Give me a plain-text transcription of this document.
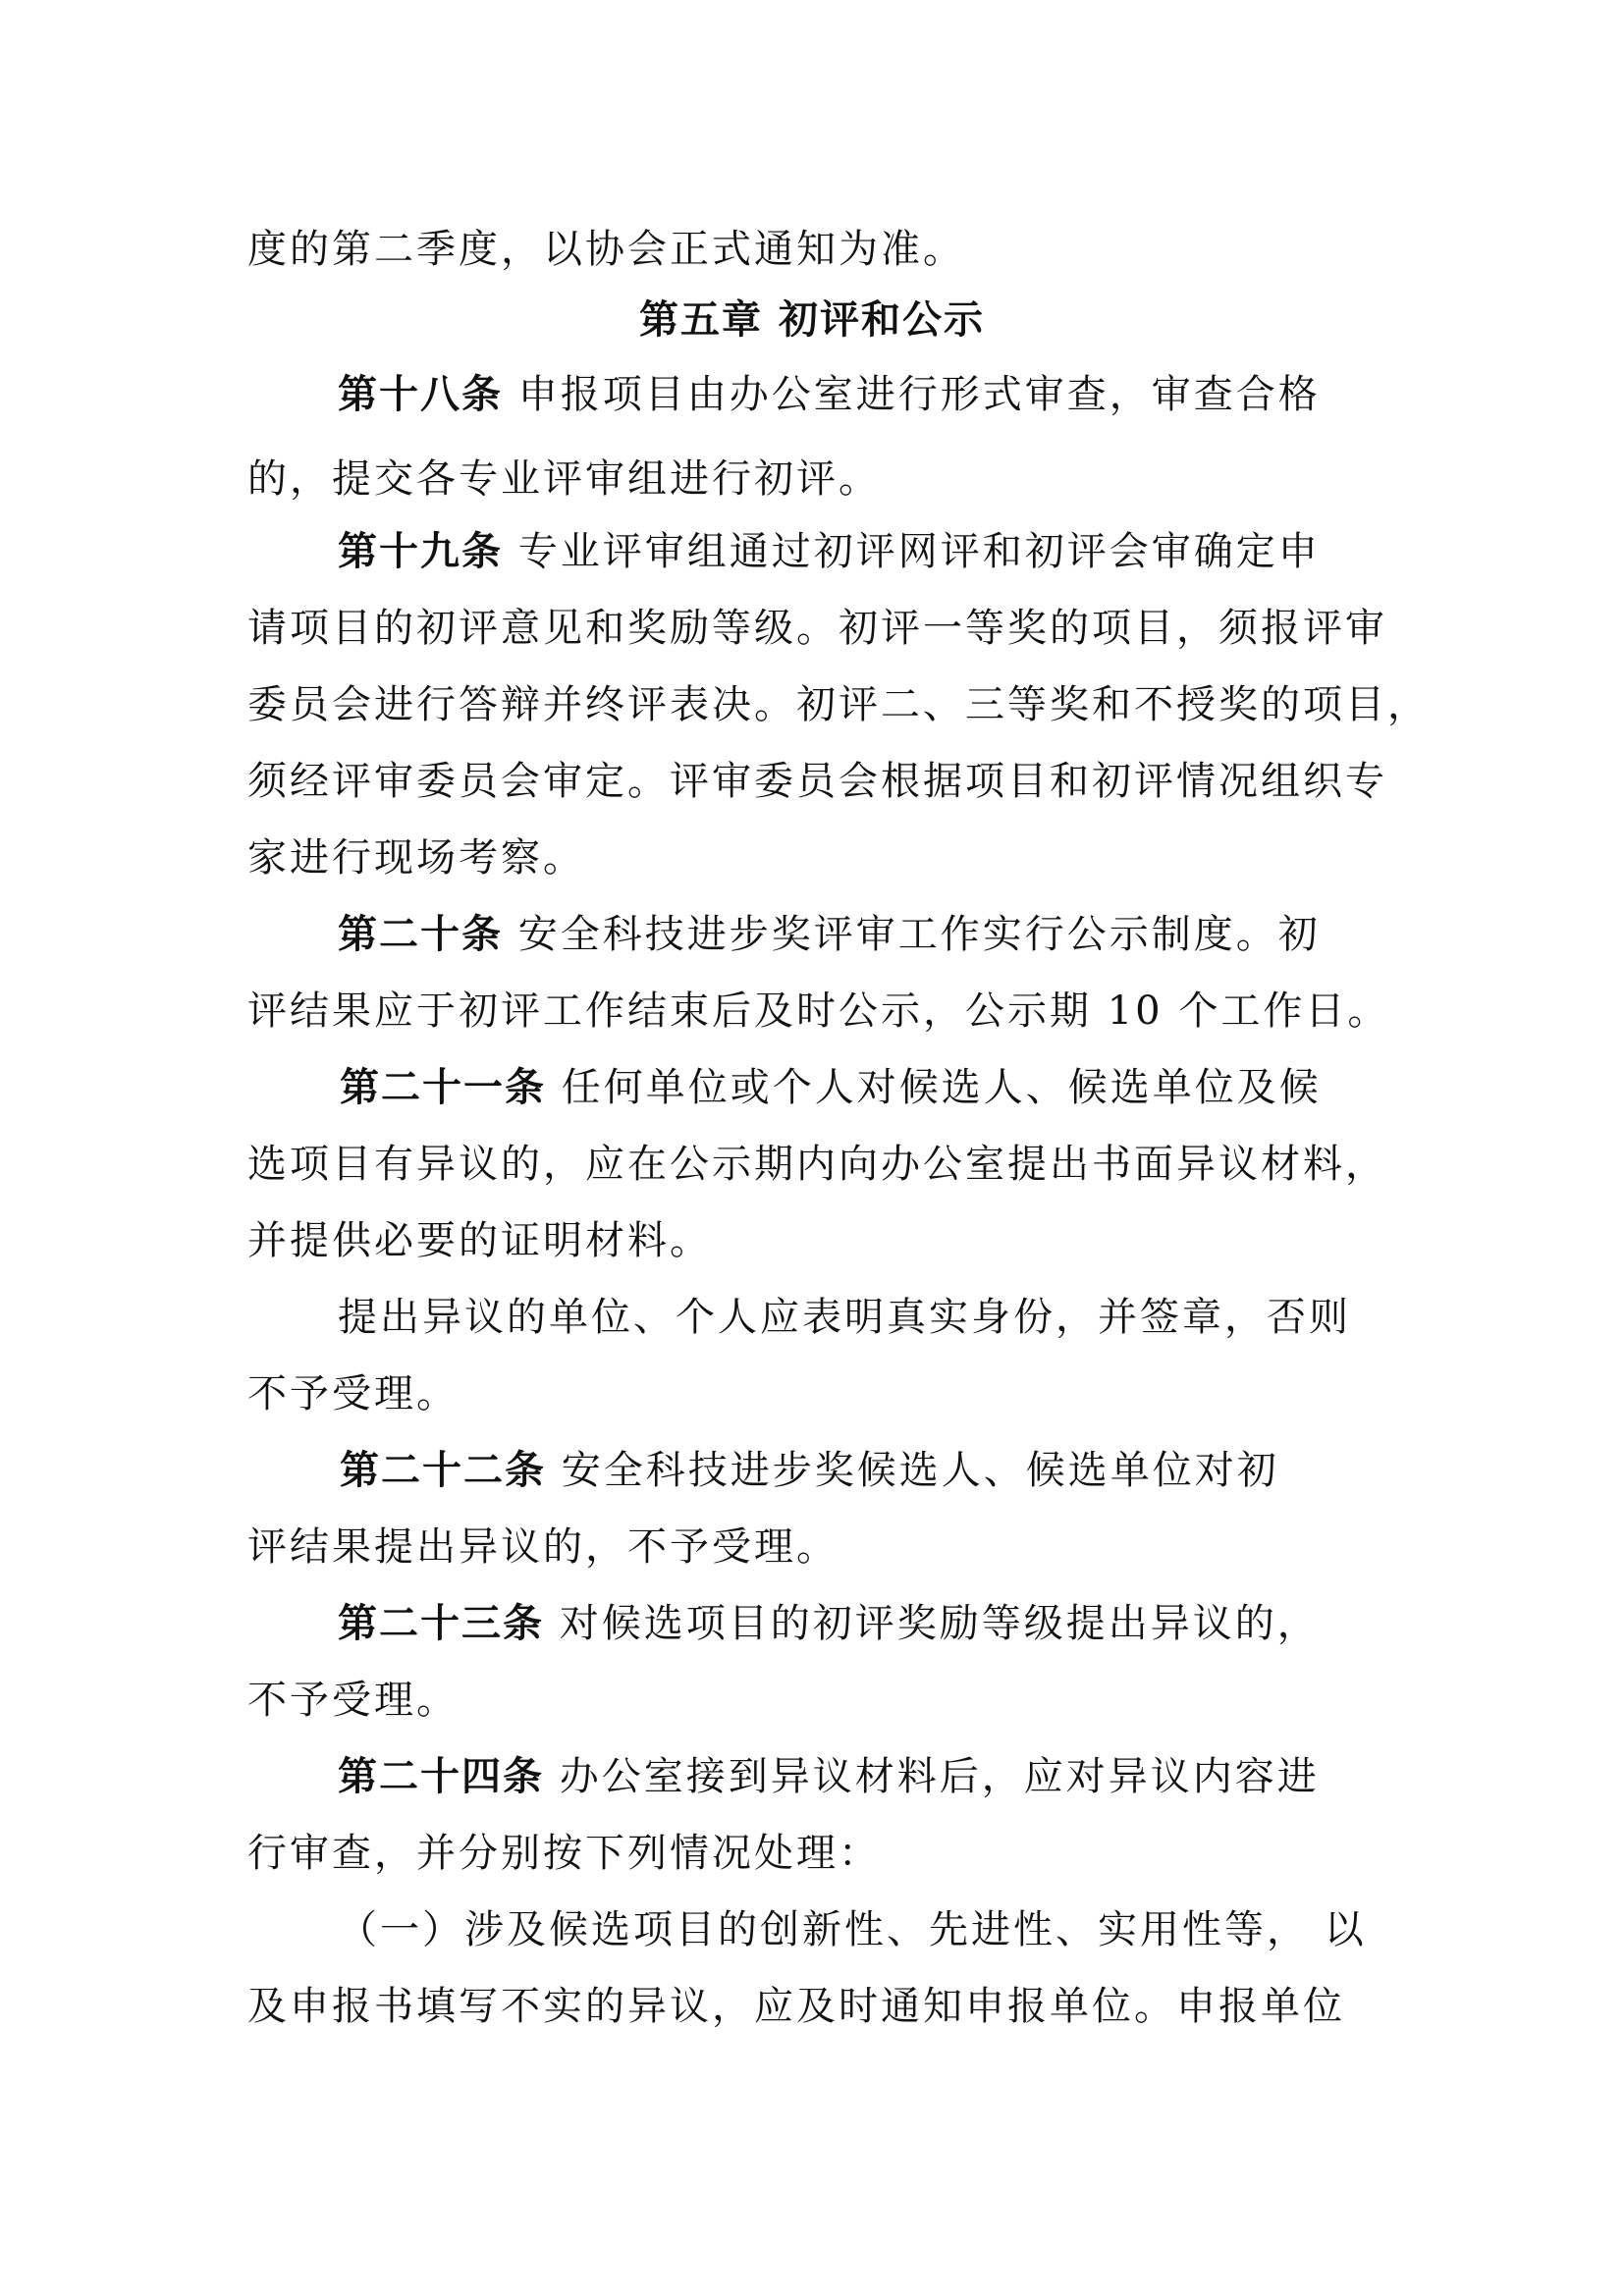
度的第二季度，以协会正式通知为准。
第五章 初评和公示
第十八条 申报项目由办公室进行形式审查，审查合格
的，提交各专业评审组进行初评。
第十九条 专业评审组通过初评网评和初评会审确定申
请项目的初评意见和奖励等级。初评一等奖的项目，须报评审
委员会进行答辩并终评表决。初评二、三等奖和不授奖的项目，
须经评审委员会审定。评审委员会根据项目和初评情况组织专
家进行现场考察。
第二十条 安全科技进步奖评审工作实行公示制度。初
评结果应于初评工作结束后及时公示，公示期 10 个工作日。
第二十一条 任何单位或个人对候选人、候选单位及候
选项目有异议的，应在公示期内向办公室提出书面异议材料，
并提供必要的证明材料。
提出异议的单位、个人应表明真实身份，并签章，否则
不予受理。
第二十二条 安全科技进步奖候选人、候选单位对初
评结果提出异议的，不予受理。
第二十三条 对候选项目的初评奖励等级提出异议的，
不予受理。
第二十四条 办公室接到异议材料后，应对异议内容进
行审查，并分别按下列情况处理：
（一）涉及候选项目的创新性、先进性、实用性等， 以
及申报书填写不实的异议，应及时通知申报单位。申报单位
